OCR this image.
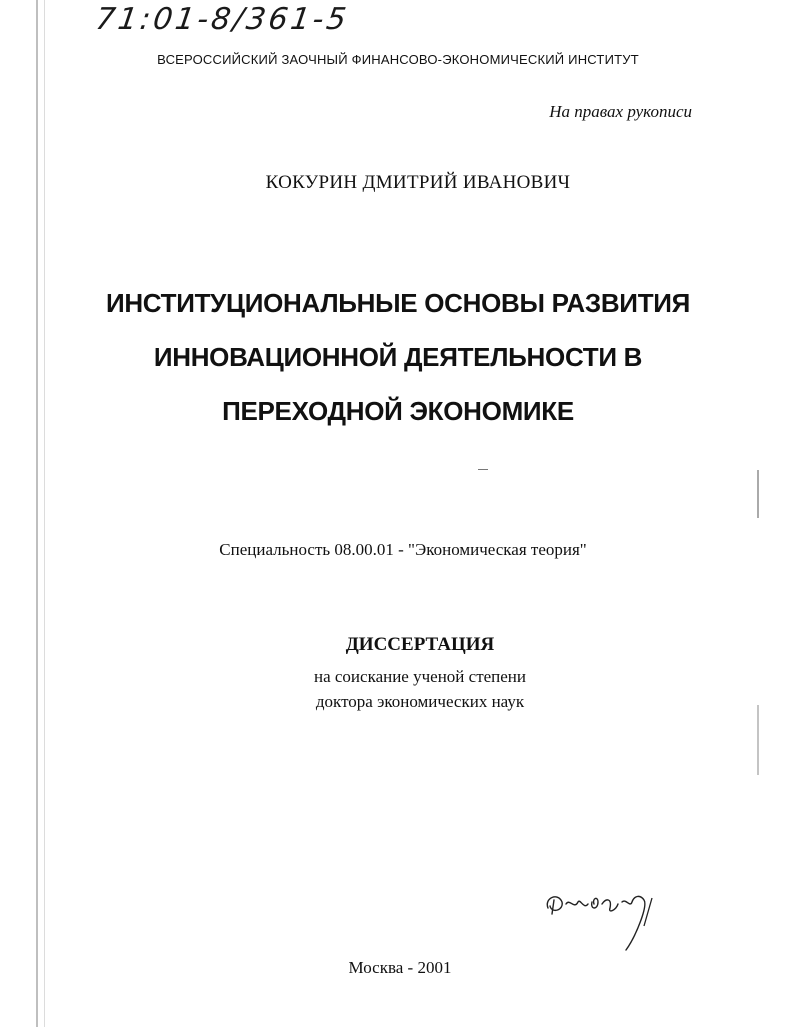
71:01-8/361-5
ВСЕРОССИЙСКИЙ ЗАОЧНЫЙ ФИНАНСОВО-ЭКОНОМИЧЕСКИЙ ИНСТИТУТ
На правах рукописи
КОКУРИН ДМИТРИЙ ИВАНОВИЧ
ИНСТИТУЦИОНАЛЬНЫЕ ОСНОВЫ РАЗВИТИЯ
ИННОВАЦИОННОЙ ДЕЯТЕЛЬНОСТИ В
ПЕРЕХОДНОЙ ЭКОНОМИКЕ
Специальность 08.00.01 - "Экономическая теория"
ДИССЕРТАЦИЯ
на соискание ученой степени
доктора экономических наук
Москва - 2001
